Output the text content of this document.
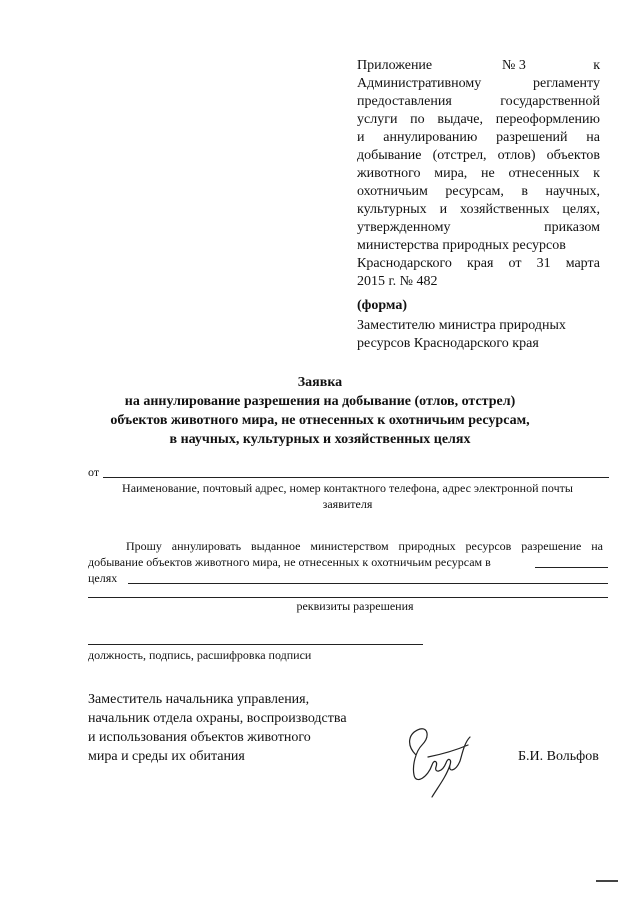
Приложение	№ 3	к
Административному регламенту
предоставления государственной
услуги по выдаче, переоформлению
и аннулированию разрешений на
добывание (отстрел, отлов) объектов
животного мира, не отнесенных к
охотничьим ресурсам, в научных,
культурных и хозяйственных целях,
утвержденному приказом
министерства природных ресурсов
Краснодарского края от 31 марта
2015 г. № 482
(форма)
Заместителю министра природных
ресурсов Краснодарского края
Заявка
на аннулирование разрешения на добывание (отлов, отстрел) объектов животного мира, не отнесенных к охотничьим ресурсам, в научных, культурных и хозяйственных целях
от
Наименование, почтовый адрес, номер контактного телефона, адрес электронной почты
заявителя
Прошу аннулировать выданное министерством природных ресурсов разрешение на добывание объектов животного мира, не отнесенных к охотничьим ресурсам в
целях
реквизиты разрешения
должность, подпись, расшифровка подписи
Заместитель начальника управления,
начальник отдела охраны, воспроизводства
и использования объектов животного
мира и среды их обитания	Б.И. Вольфов
